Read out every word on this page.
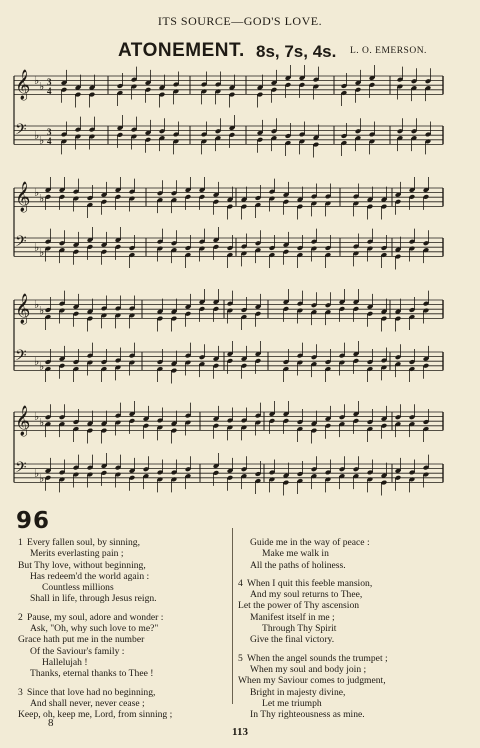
ITS SOURCE—GOD'S LOVE.
ATONEMENT. 8s, 7s, 4s. L. O. EMERSON.
𝄞 ♭ ♭ 3
4
𝄢 ♭ ♭
3
4
𝄞 ♭ ♭
𝄢 ♭ ♭
𝄞 ♭ ♭
𝄢 ♭ ♭
𝄞 ♭ ♭
𝄢 ♭ ♭
96
1 Every fallen soul, by sinning,
Merits everlasting pain ;
But Thy love, without beginning,
Has redeem'd the world again :
Countless millions
Shall in life, through Jesus reign.
2 Pause, my soul, adore and wonder :
Ask, "Oh, why such love to me?"
Grace hath put me in the number
Of the Saviour's family :
Hallelujah !
Thanks, eternal thanks to Thee !
3 Since that love had no beginning,
And shall never, never cease ;
Keep, oh, keep me, Lord, from sinning ;
Guide me in the way of peace :
Make me walk in
All the paths of holiness.
4 When I quit this feeble mansion,
And my soul returns to Thee,
Let the power of Thy ascension
Manifest itself in me ;
Through Thy Spirit
Give the final victory.
5 When the angel sounds the trumpet ;
When my soul and body join ;
When my Saviour comes to judgment,
Bright in majesty divine,
Let me triumph
In Thy righteousness as mine.
8
113
